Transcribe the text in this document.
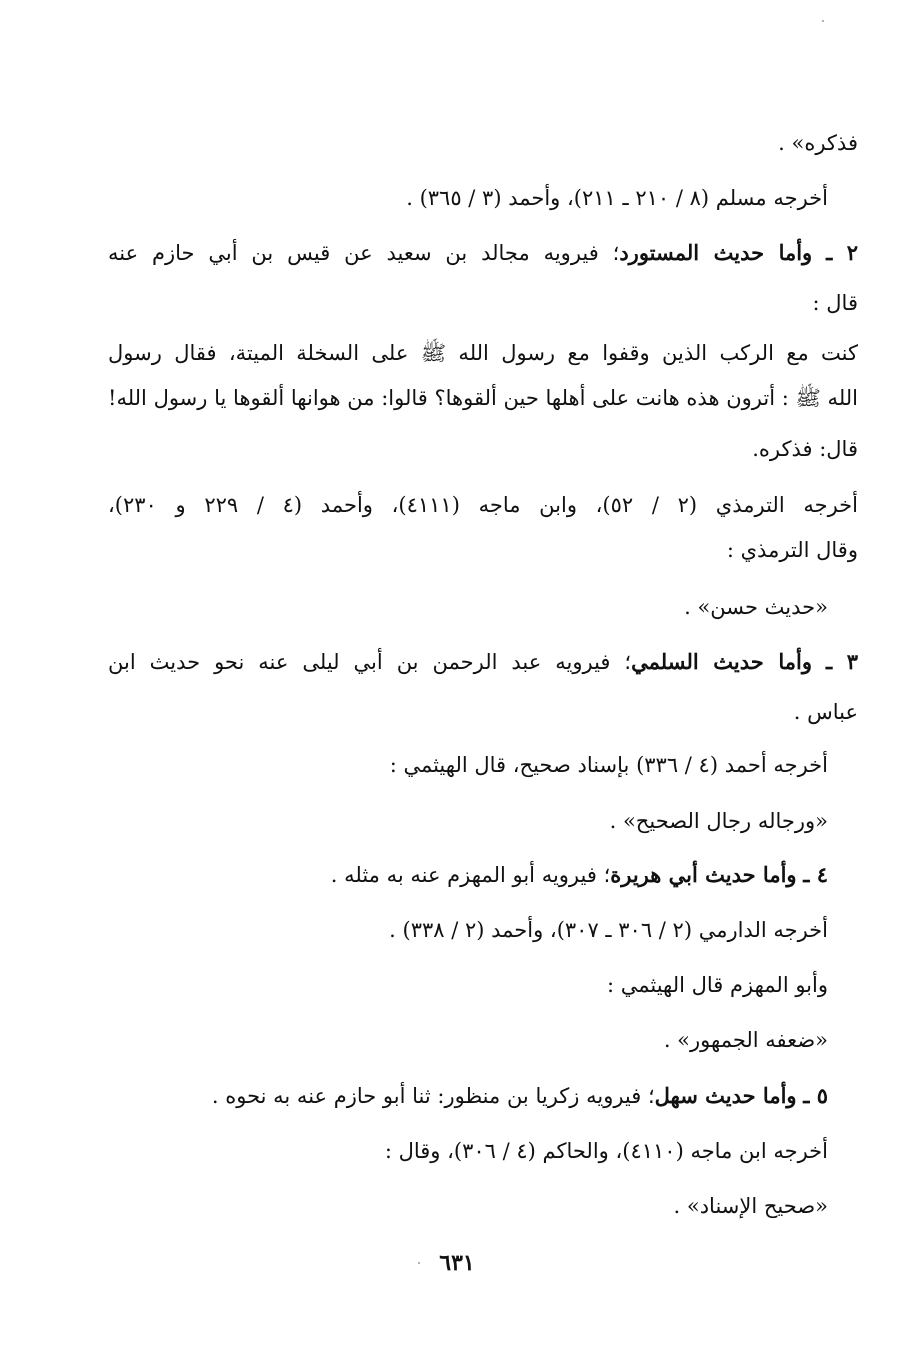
فذكره» .
أخرجه مسلم (٨ / ٢١٠ ـ ٢١١)، وأحمد (٣ / ٣٦٥) .
٢ ـ وأما حديث المستورد؛ فيرويه مجالد بن سعيد عن قيس بن أبي حازم عنه
قال :
كنت مع الركب الذين وقفوا مع رسول الله ﷺ على السخلة الميتة، فقال رسول
الله ﷺ : أترون هذه هانت على أهلها حين ألقوها؟ قالوا: من هوانها ألقوها يا رسول الله!
قال: فذكره.
أخرجه الترمذي (٢ / ٥٢)، وابن ماجه (٤١١١)، وأحمد (٤ / ٢٢٩ و ٢٣٠)،
وقال الترمذي :
«حديث حسن» .
٣ ـ وأما حديث السلمي؛ فيرويه عبد الرحمن بن أبي ليلى عنه نحو حديث ابن
عباس .
أخرجه أحمد (٤ / ٣٣٦) بإسناد صحيح، قال الهيثمي :
«ورجاله رجال الصحيح» .
٤ ـ وأما حديث أبي هريرة؛ فيرويه أبو المهزم عنه به مثله .
أخرجه الدارمي (٢ / ٣٠٦ ـ ٣٠٧)، وأحمد (٢ / ٣٣٨) .
وأبو المهزم قال الهيثمي :
«ضعفه الجمهور» .
٥ ـ وأما حديث سهل؛ فيرويه زكريا بن منظور: ثنا أبو حازم عنه به نحوه .
أخرجه ابن ماجه (٤١١٠)، والحاكم (٤ / ٣٠٦)، وقال :
«صحيح الإسناد» .
٦٣١
